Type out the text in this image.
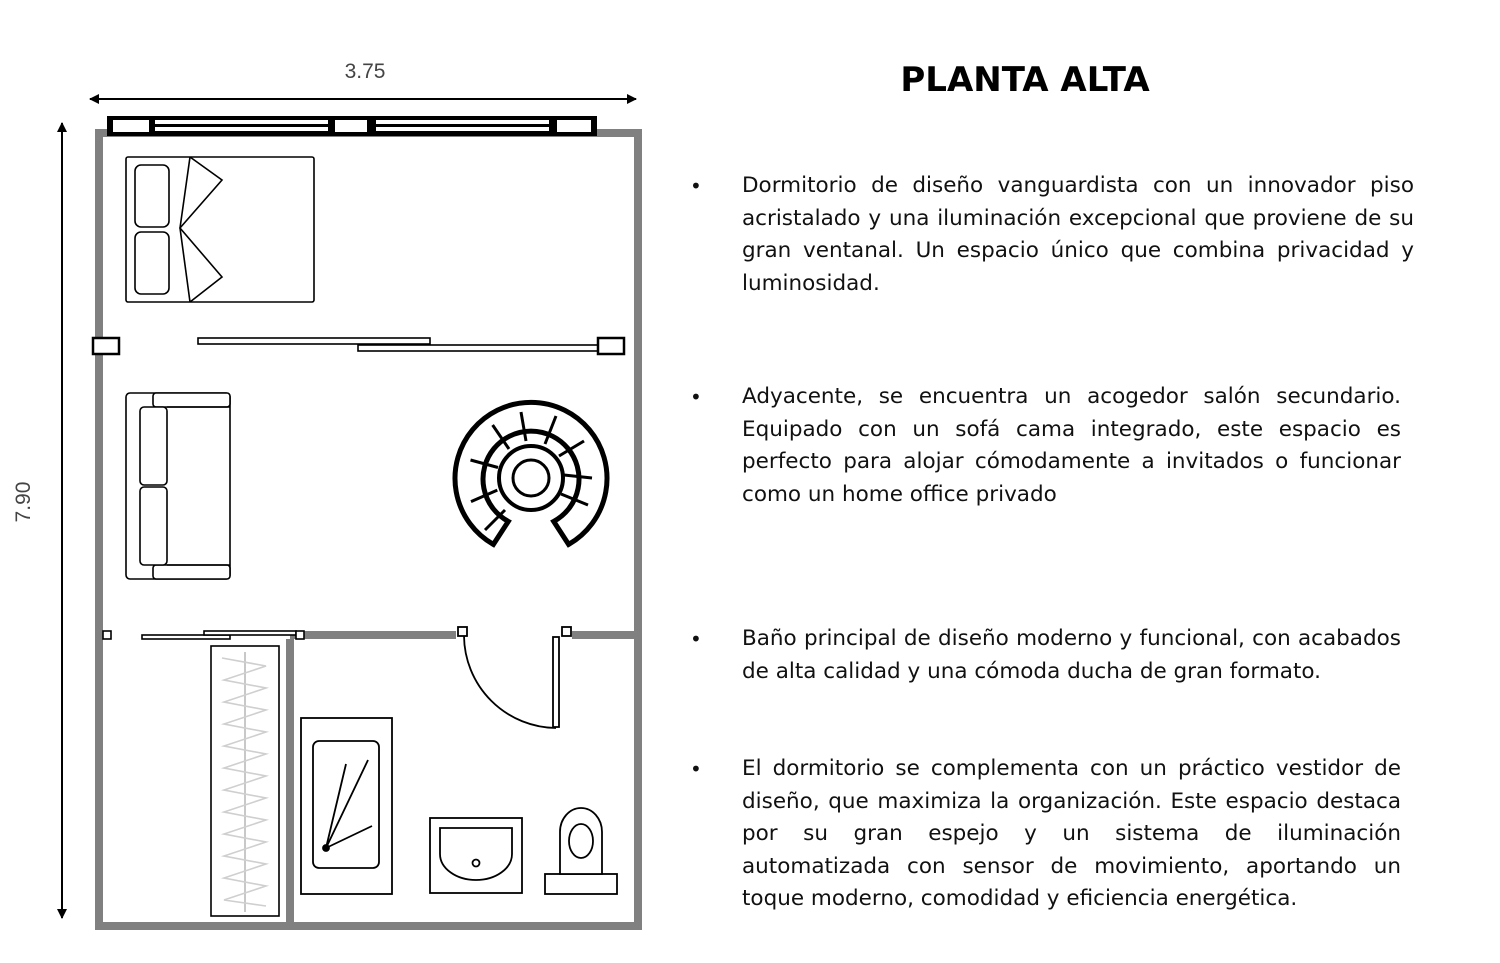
3.75
7.90
PLANTA ALTA
• Dormitorio de diseño vanguardista con un innovador piso acristalado y una iluminación excepcional que proviene de su gran ventanal. Un espacio único que combina privacidad y luminosidad.
• Adyacente, se encuentra un acogedor salón secundario. Equipado con un sofá cama integrado, este espacio es perfecto para alojar cómodamente a invitados o funcionar como un home office privado
• Baño principal de diseño moderno y funcional, con acabados de alta calidad y una cómoda ducha de gran formato.
• El dormitorio se complementa con un práctico vestidor de diseño, que maximiza la organización. Este espacio destaca por su gran espejo y un sistema de iluminación automatizada con sensor de movimiento, aportando un toque moderno, comodidad y eficiencia energética.
